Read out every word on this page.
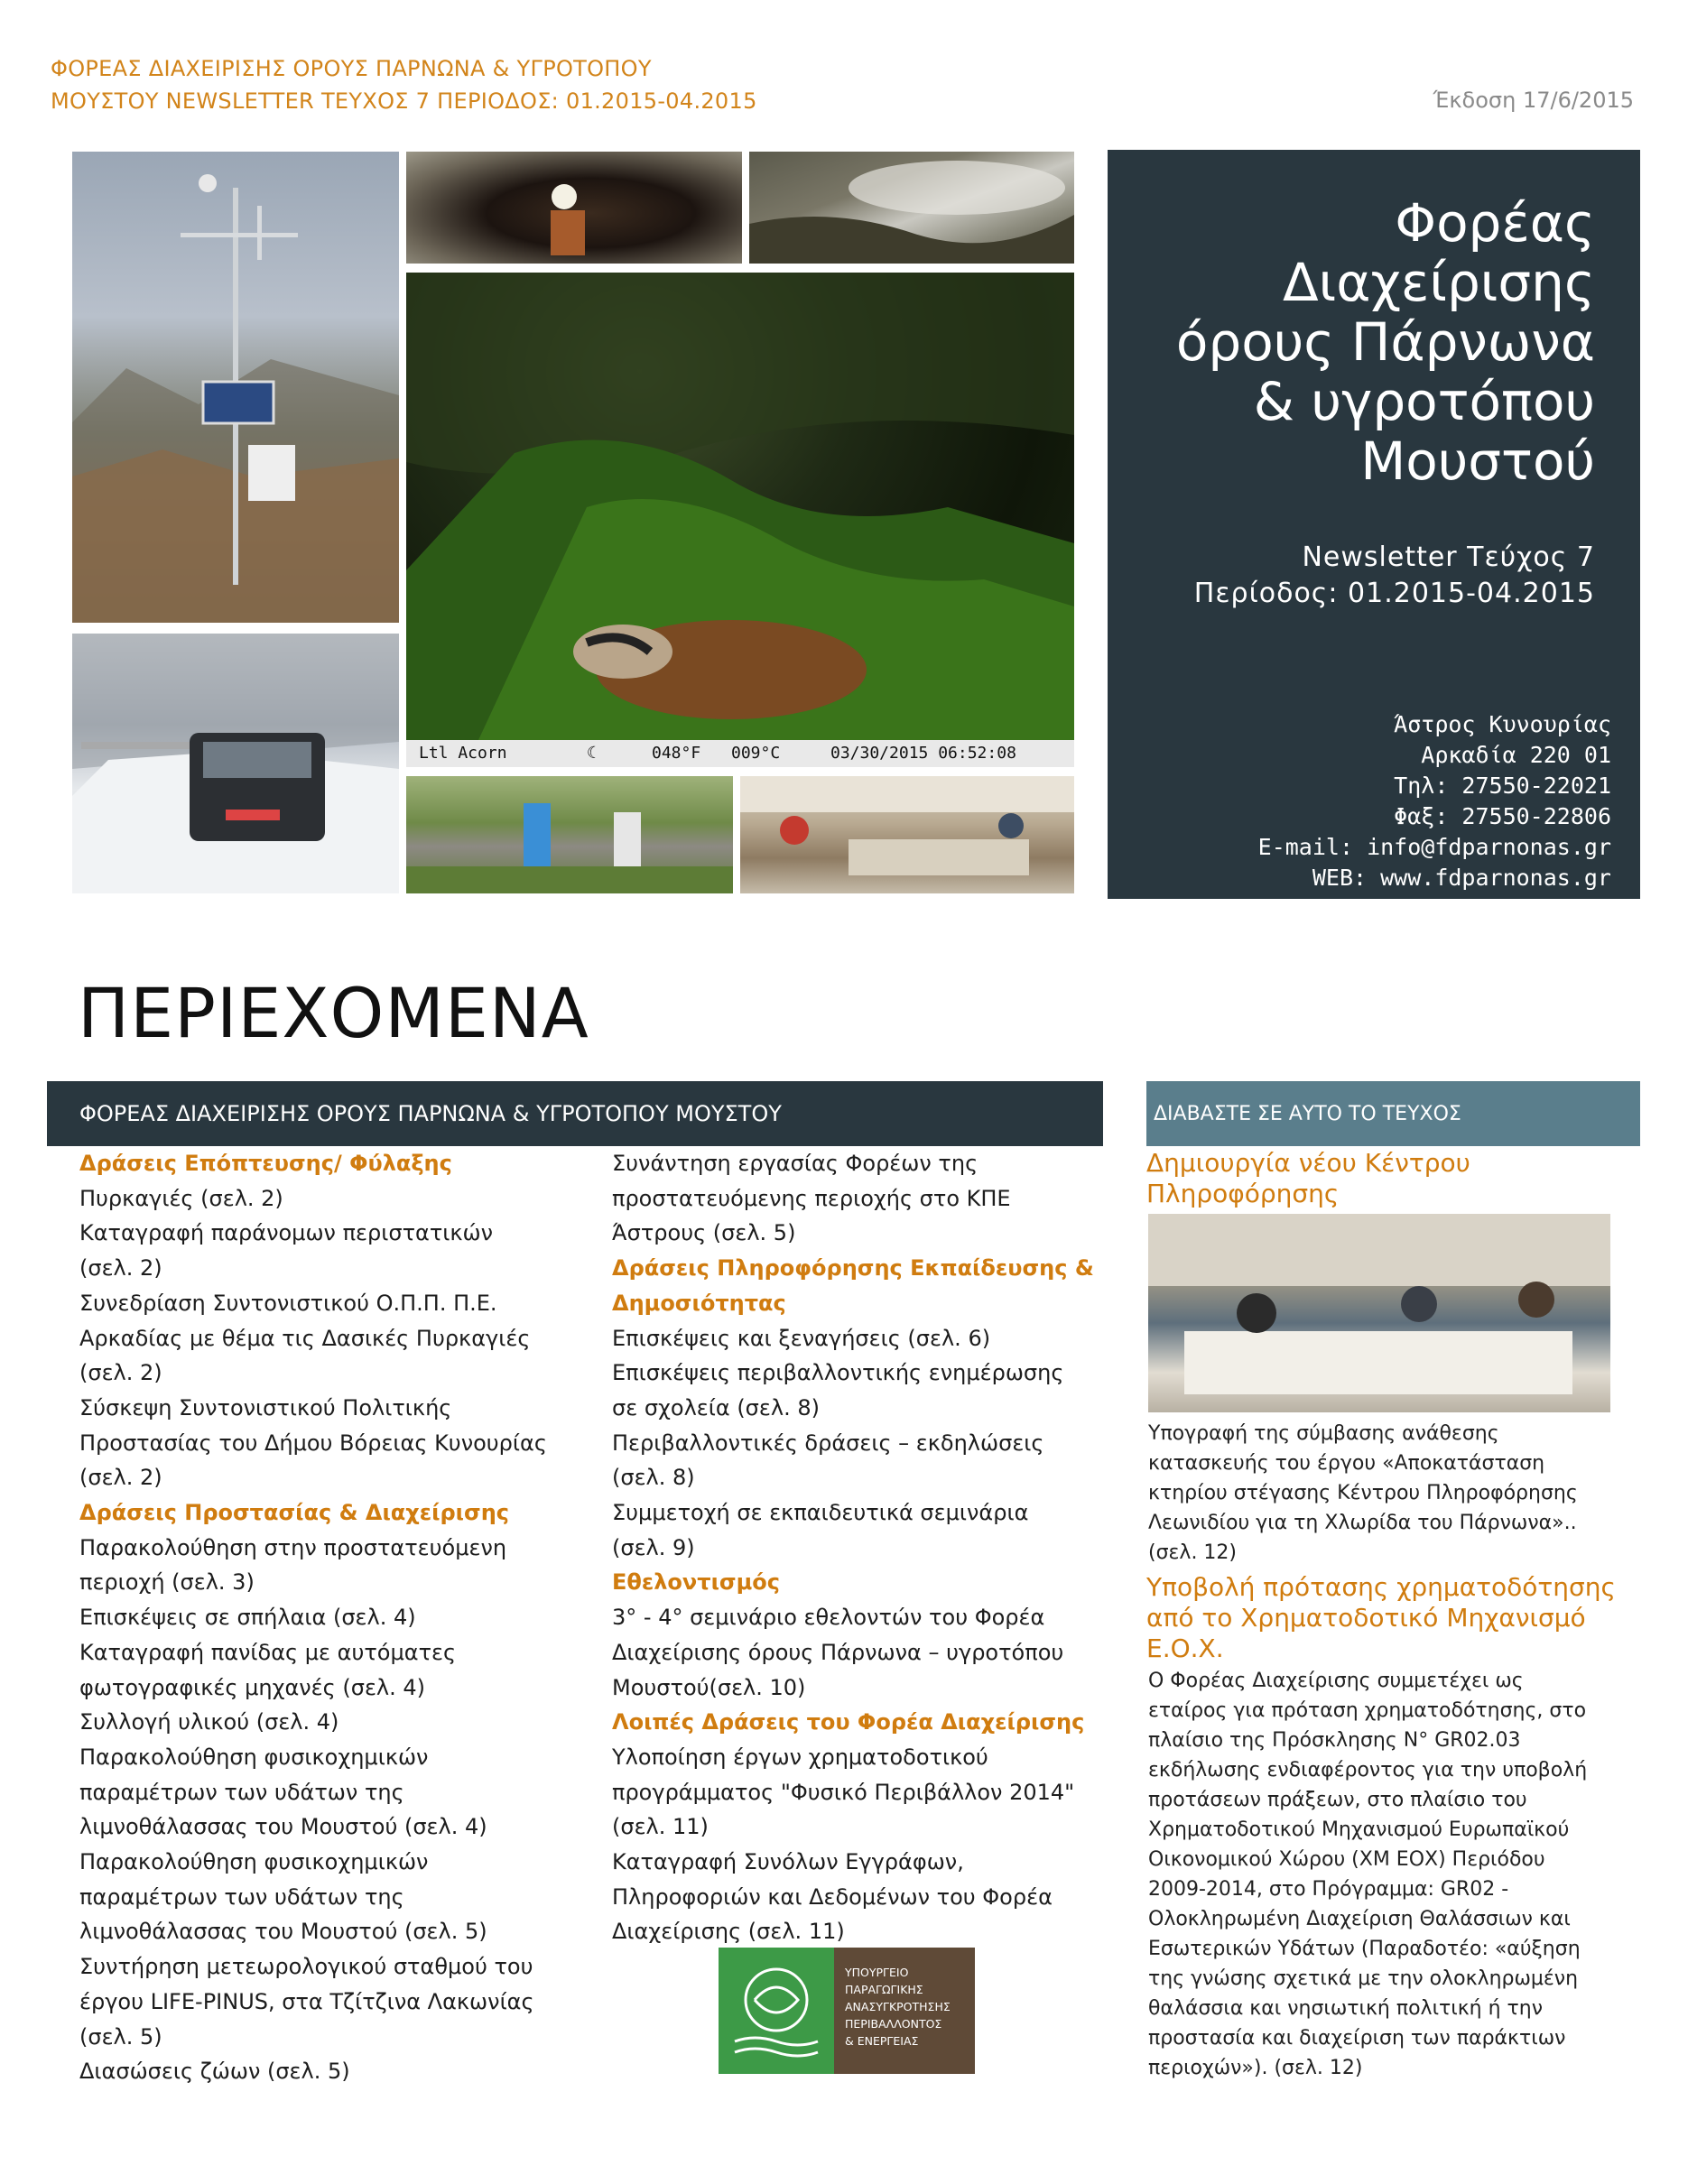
ΦΟΡΕΑΣ ΔΙΑΧΕΙΡΙΣΗΣ ΟΡΟΥΣ ΠΑΡΝΩΝΑ & ΥΓΡΟΤΟΠΟΥ
ΜΟΥΣΤΟΥ NEWSLETTER ΤΕΥΧΟΣ 7 ΠΕΡΙΟΔΟΣ: 01.2015-04.2015	Έκδοση 17/6/2015
Ltl Acorn	☾	048°F 009°C	03/30/2015 06:52:08
Φορέας
Διαχείρισης
όρους Πάρνωνα
& υγροτόπου
Μουστού
Newsletter Τεύχος 7
Περίοδος: 01.2015-04.2015
Άστρος Κυνουρίας
Αρκαδία 220 01
Τηλ: 27550-22021
Φαξ: 27550-22806
E-mail: info@fdparnonas.gr
WEB: www.fdparnonas.gr
ΠΕΡΙΕΧΟΜΕΝΑ
ΦΟΡΕΑΣ ΔΙΑΧΕΙΡΙΣΗΣ ΟΡΟΥΣ ΠΑΡΝΩΝΑ & ΥΓΡΟΤΟΠΟΥ ΜΟΥΣΤΟΥ	ΔΙΑΒΑΣΤΕ ΣΕ ΑΥΤΟ ΤΟ ΤΕΥΧΟΣ
Δράσεις Επόπτευσης/ Φύλαξης
Πυρκαγιές (σελ. 2)
Καταγραφή παράνομων περιστατικών
(σελ. 2)
Συνεδρίαση Συντονιστικού Ο.Π.Π. Π.Ε.
Αρκαδίας με θέμα τις Δασικές Πυρκαγιές
(σελ. 2)
Σύσκεψη Συντονιστικού Πολιτικής
Προστασίας του Δήμου Βόρειας Κυνουρίας
(σελ. 2)
Δράσεις Προστασίας & Διαχείρισης
Παρακολούθηση στην προστατευόμενη
περιοχή (σελ. 3)
Επισκέψεις σε σπήλαια (σελ. 4)
Καταγραφή πανίδας με αυτόματες
φωτογραφικές μηχανές (σελ. 4)
Συλλογή υλικού (σελ. 4)
Παρακολούθηση φυσικοχημικών
παραμέτρων των υδάτων της
λιμνοθάλασσας του Μουστού (σελ. 4)
Παρακολούθηση φυσικοχημικών
παραμέτρων των υδάτων της
λιμνοθάλασσας του Μουστού (σελ. 5)
Συντήρηση μετεωρολογικού σταθμού του
έργου LIFE-PINUS, στα Τζίτζινα Λακωνίας
(σελ. 5)
Διασώσεις ζώων (σελ. 5)
Συνάντηση εργασίας Φορέων της
προστατευόμενης περιοχής στο ΚΠΕ
Άστρους (σελ. 5)
Δράσεις Πληροφόρησης Εκπαίδευσης &
Δημοσιότητας
Επισκέψεις και ξεναγήσεις (σελ. 6)
Επισκέψεις περιβαλλοντικής ενημέρωσης
σε σχολεία (σελ. 8)
Περιβαλλοντικές δράσεις – εκδηλώσεις
(σελ. 8)
Συμμετοχή σε εκπαιδευτικά σεμινάρια
(σελ. 9)
Εθελοντισμός
3° - 4° σεμινάριο εθελοντών του Φορέα
Διαχείρισης όρους Πάρνωνα – υγροτόπου
Μουστού(σελ. 10)
Λοιπές Δράσεις του Φορέα Διαχείρισης
Υλοποίηση έργων χρηματοδοτικού
προγράμματος "Φυσικό Περιβάλλον 2014"
(σελ. 11)
Καταγραφή Συνόλων Εγγράφων,
Πληροφοριών και Δεδομένων του Φορέα
Διαχείρισης (σελ. 11)
Δημιουργία νέου Κέντρου
Πληροφόρησης
Υπογραφή της σύμβασης ανάθεσης
κατασκευής του έργου «Αποκατάσταση
κτηρίου στέγασης Κέντρου Πληροφόρησης
Λεωνιδίου για τη Χλωρίδα του Πάρνωνα»..
(σελ. 12)
Υποβολή πρότασης χρηματοδότησης
από το Χρηματοδοτικό Μηχανισμό
Ε.Ο.Χ.
Ο Φορέας Διαχείρισης συμμετέχει ως
εταίρος για πρόταση χρηματοδότησης, στο
πλαίσιο της Πρόσκλησης Ν° GR02.03
εκδήλωσης ενδιαφέροντος για την υποβολή
προτάσεων πράξεων, στο πλαίσιο του
Χρηματοδοτικού Μηχανισμού Ευρωπαϊκού
Οικονομικού Χώρου (ΧΜ ΕΟΧ) Περιόδου
2009-2014, στο Πρόγραμμα: GR02 -
Ολοκληρωμένη Διαχείριση Θαλάσσιων και
Εσωτερικών Υδάτων (Παραδοτέο: «αύξηση
της γνώσης σχετικά με την ολοκληρωμένη
θαλάσσια και νησιωτική πολιτική ή την
προστασία και διαχείριση των παράκτιων
περιοχών»). (σελ. 12)
ΥΠΟΥΡΓΕΙΟ
ΠΑΡΑΓΩΓΙΚΗΣ
ΑΝΑΣΥΓΚΡΟΤΗΣΗΣ
ΠΕΡΙΒΑΛΛΟΝΤΟΣ
& ΕΝΕΡΓΕΙΑΣ
